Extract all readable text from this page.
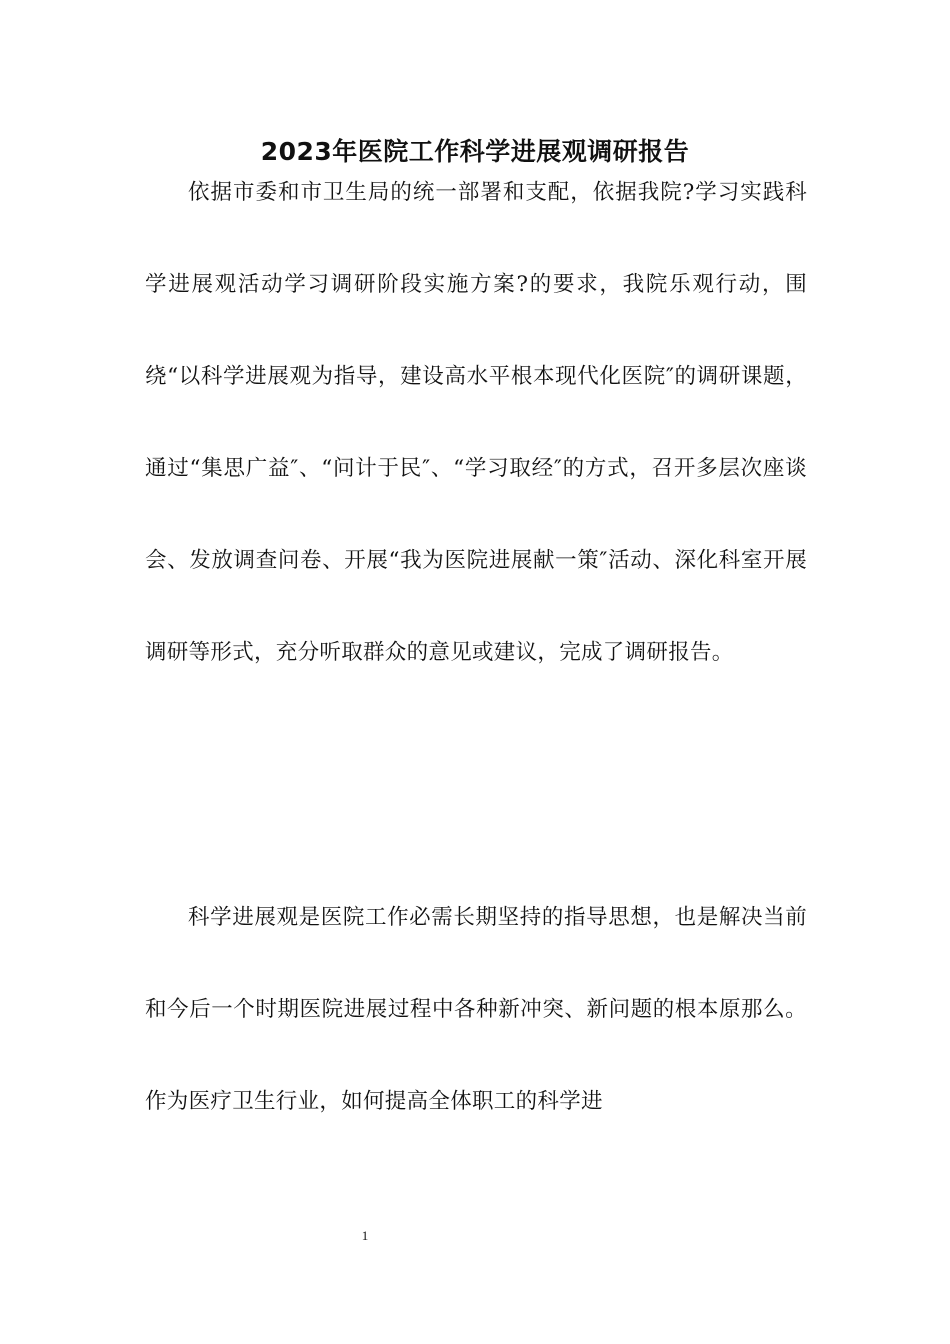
2023年医院工作科学进展观调研报告

依据市委和市卫生局的统一部署和支配，依据我院?学习实践科学进展观活动学习调研阶段实施方案?的要求，我院乐观行动，围绕“以科学进展观为指导，建设高水平根本现代化医院″的调研课题，通过“集思广益″、“问计于民″、“学习取经″的方式，召开多层次座谈会、发放调查问卷、开展“我为医院进展献一策″活动、深化科室开展调研等形式，充分听取群众的意见或建议，完成了调研报告。

科学进展观是医院工作必需长期坚持的指导思想，也是解决当前和今后一个时期医院进展过程中各种新冲突、新问题的根本原那么。作为医疗卫生行业，如何提高全体职工的科学进

1
